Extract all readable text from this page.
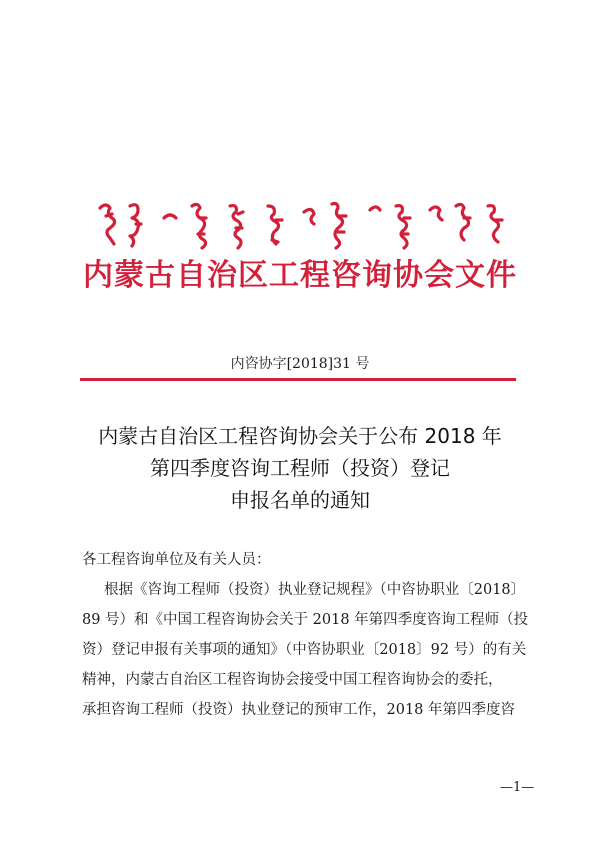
内蒙古自治区工程咨询协会文件
内咨协字[2018]31 号
内蒙古自治区工程咨询协会关于公布 2018 年
第四季度咨询工程师（投资）登记
申报名单的通知

各工程咨询单位及有关人员：

根据《咨询工程师（投资）执业登记规程》（中咨协职业〔2018〕

89 号）和《中国工程咨询协会关于 2018 年第四季度咨询工程师（投

资）登记申报有关事项的通知》（中咨协职业〔2018〕92 号）的有关

精神，内蒙古自治区工程咨询协会接受中国工程咨询协会的委托，

承担咨询工程师（投资）执业登记的预审工作，2018 年第四季度咨

—1—
